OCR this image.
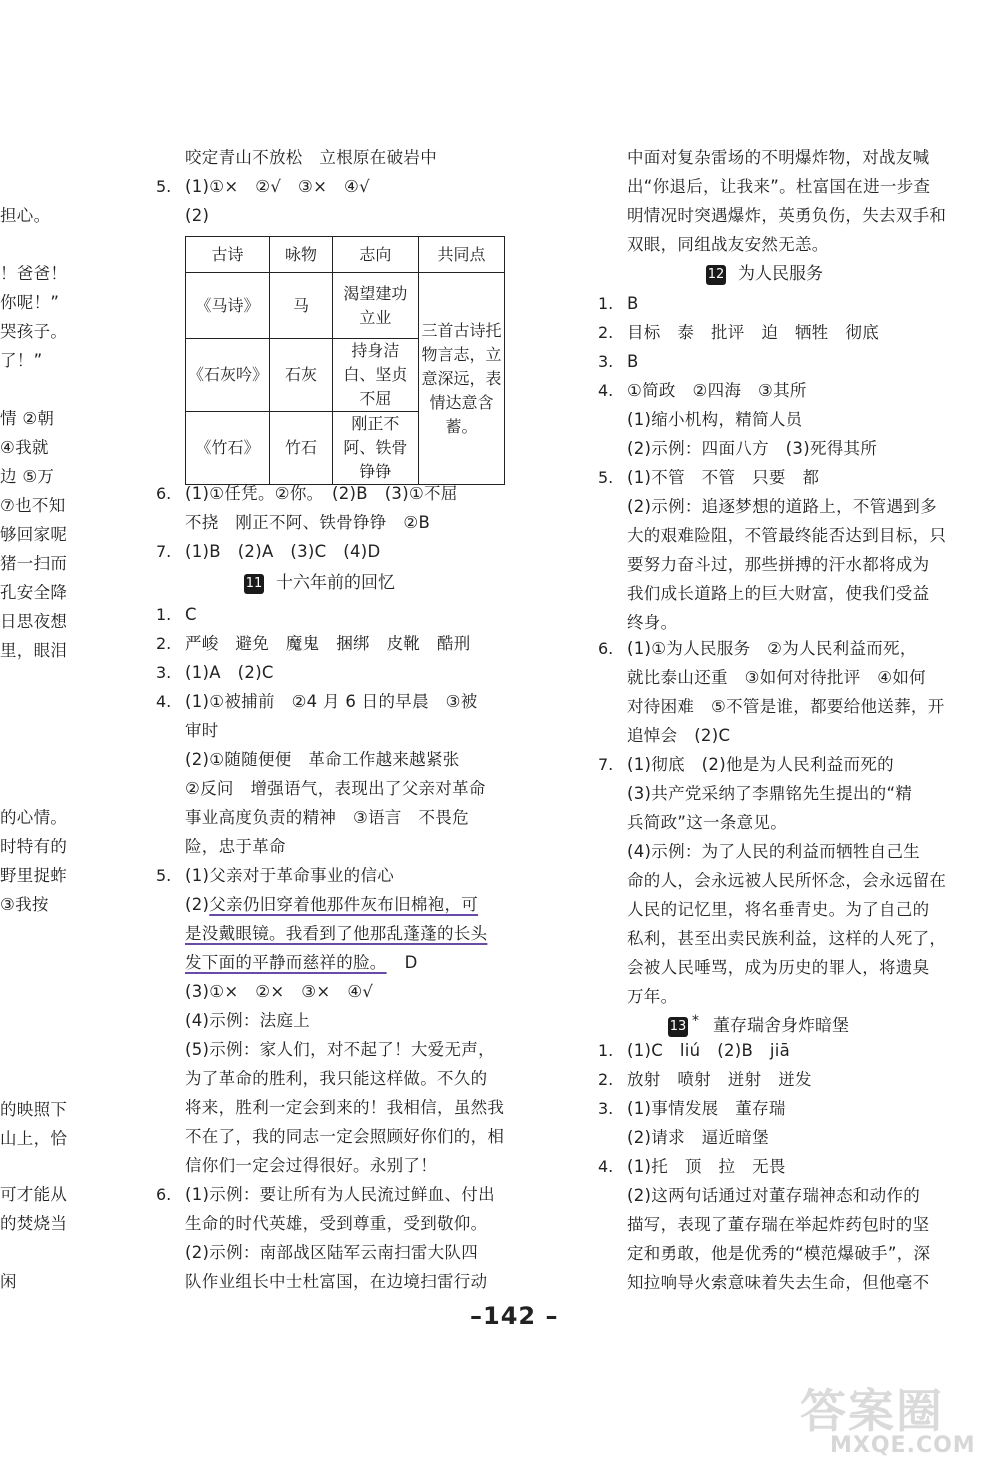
担心。
！爸爸！
你呢！”
哭孩子。
了！”
情 ②朝
④我就
边 ⑤万
⑦也不知
够回家呢
猪一扫而
孔安全降
日思夜想
里，眼泪
的心情。
时特有的
野里捉蚱
③我按
的映照下
山上，恰
可才能从
的焚烧当
闲
咬定青山不放松　立根原在破岩中
5. (1)①×　②√　③×　④√
(2)
古诗	咏物	志向	共同点
《马诗》	马	渴望建功立业	三首古诗托物言志，立意深远，表情达意含蓄。
《石灰吟》	石灰	持身洁白、坚贞不屈	
《竹石》	竹石	刚正不阿、铁骨铮铮	
6. (1)①任凭。②你。　(2)B　(3)①不屈
不挠　刚正不阿、铁骨铮铮　②B
7. (1)B　(2)A　(3)C　(4)D
11 十六年前的回忆
1. C
2. 严峻　避免　魔鬼　捆绑　皮靴　酷刑
3. (1)A　(2)C
4. (1)①被捕前　②4 月 6 日的早晨　③被
审时
(2)①随随便便　革命工作越来越紧张
②反问　增强语气，表现出了父亲对革命
事业高度负责的精神　③语言　不畏危
险，忠于革命
5. (1)父亲对于革命事业的信心
(2)父亲仍旧穿着他那件灰布旧棉袍，可
是没戴眼镜。我看到了他那乱蓬蓬的长头
发下面的平静而慈祥的脸。 D
(3)①×　②×　③×　④√
(4)示例：法庭上
(5)示例：家人们，对不起了！大爱无声，
为了革命的胜利，我只能这样做。不久的
将来，胜利一定会到来的！我相信，虽然我
不在了，我的同志一定会照顾好你们的，相
信你们一定会过得很好。永别了！
6. (1)示例：要让所有为人民流过鲜血、付出
生命的时代英雄，受到尊重，受到敬仰。
(2)示例：南部战区陆军云南扫雷大队四
队作业组长中士杜富国，在边境扫雷行动
中面对复杂雷场的不明爆炸物，对战友喊
出“你退后，让我来”。杜富国在进一步查
明情况时突遇爆炸，英勇负伤，失去双手和
双眼，同组战友安然无恙。
12 为人民服务
1. B
2. 目标　泰　批评　迫　牺牲　彻底
3. B
4. ①简政　②四海　③其所
(1)缩小机构，精简人员
(2)示例：四面八方　(3)死得其所
5. (1)不管　不管　只要　都
(2)示例：追逐梦想的道路上，不管遇到多
大的艰难险阻，不管最终能否达到目标，只
要努力奋斗过，那些拼搏的汗水都将成为
我们成长道路上的巨大财富，使我们受益
终身。
6. (1)①为人民服务　②为人民利益而死，
就比泰山还重　③如何对待批评　④如何
对待困难　⑤不管是谁，都要给他送葬，开
追悼会　(2)C
7. (1)彻底　(2)他是为人民利益而死的
(3)共产党采纳了李鼎铭先生提出的“精
兵简政”这一条意见。
(4)示例：为了人民的利益而牺牲自己生
命的人，会永远被人民所怀念，会永远留在
人民的记忆里，将名垂青史。为了自己的
私利，甚至出卖民族利益，这样的人死了，
会被人民唾骂，成为历史的罪人，将遗臭
万年。
13 * 董存瑞舍身炸暗堡
1. (1)C　liú　(2)B　jiā
2. 放射　喷射　迸射　迸发
3. (1)事情发展　董存瑞
(2)请求　逼近暗堡
4. (1)托　顶　拉　无畏
(2)这两句话通过对董存瑞神态和动作的
描写，表现了董存瑞在举起炸药包时的坚
定和勇敢，他是优秀的“模范爆破手”，深
知拉响导火索意味着失去生命，但他毫不
–142 –
答案圈
MXQE.COM
